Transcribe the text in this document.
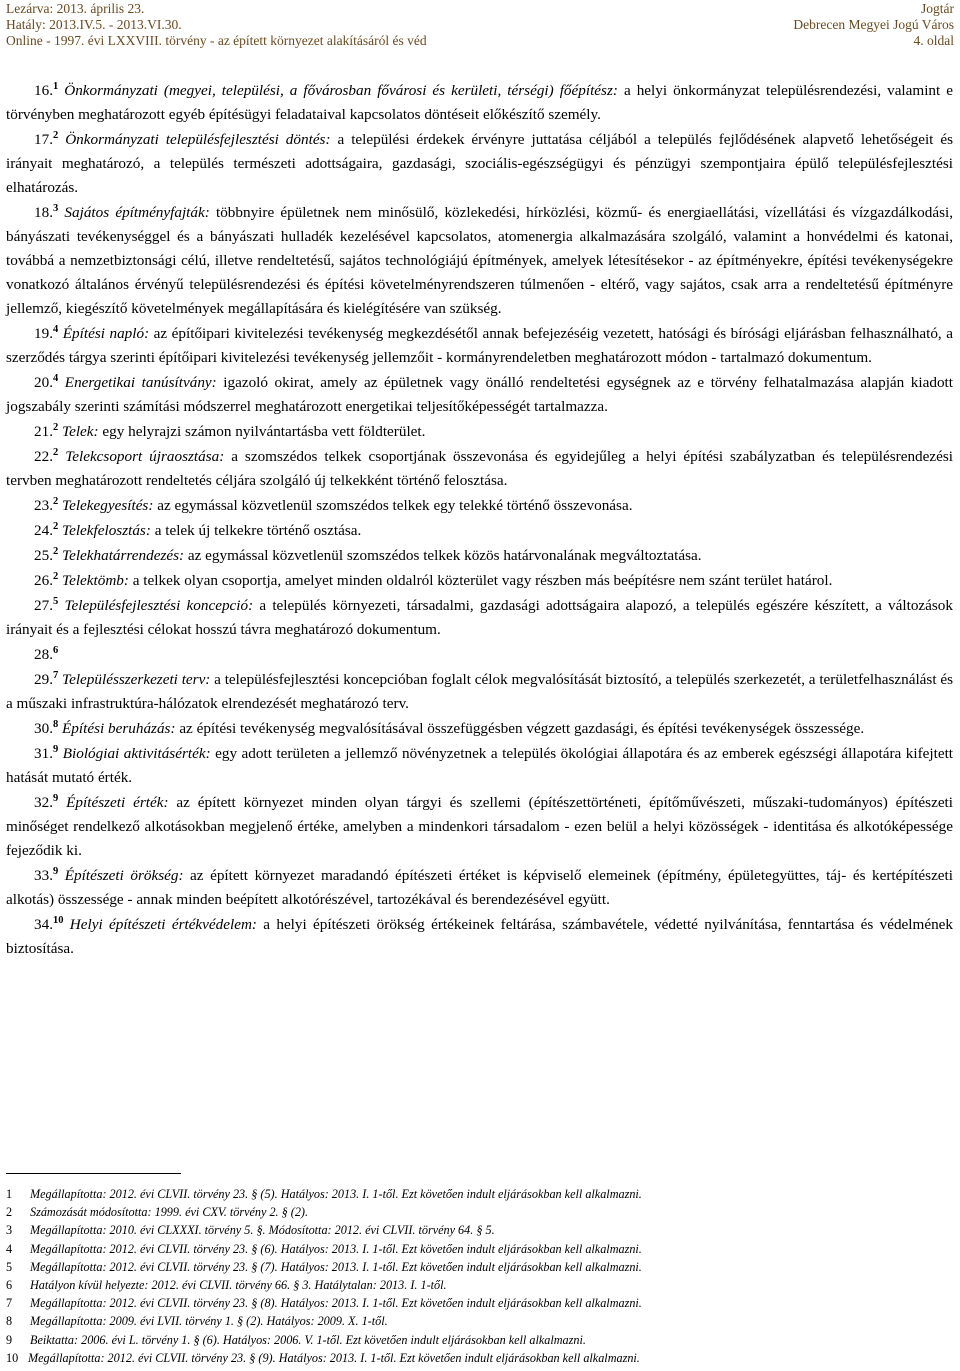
Lezárva: 2013. április 23.
Hatály: 2013.IV.5. - 2013.VI.30.
Online - 1997. évi LXXVIII. törvény - az épített környezet alakításáról és véd
Jogtár
Debrecen Megyei Jogú Város
4. oldal

16.$^1$ Önkormányzati (megyei, települési, a fővárosban fővárosi és kerületi, térségi) főépítész: a helyi önkormányzat településrendezési, valamint e törvényben meghatározott egyéb építésügyi feladataival kapcsolatos döntéseit előkészítő személy.

17.$^2$ Önkormányzati településfejlesztési döntés: a települési érdekek érvényre juttatása céljából a település fejlődésének alapvető lehetőségeit és irányait meghatározó, a település természeti adottságaira, gazdasági, szociális-egészségügyi és pénzügyi szempontjaira épülő településfejlesztési elhatározás.

18.$^3$ Sajátos építményfajták: többnyire épületnek nem minősülő, közlekedési, hírközlési, közmű- és energiaellátási, vízellátási és vízgazdálkodási, bányászati tevékenységgel és a bányászati hulladék kezelésével kapcsolatos, atomenergia alkalmazására szolgáló, valamint a honvédelmi és katonai, továbbá a nemzetbiztonsági célú, illetve rendeltetésű, sajátos technológiájú építmények, amelyek létesítésekor - az építményekre, építési tevékenységekre vonatkozó általános érvényű településrendezési és építési követelményrendszeren túlmenően - eltérő, vagy sajátos, csak arra a rendeltetésű építményre jellemző, kiegészítő követelmények megállapítására és kielégítésére van szükség.

19.$^4$ Építési napló: az építőipari kivitelezési tevékenység megkezdésétől annak befejezéséig vezetett, hatósági és bírósági eljárásban felhasználható, a szerződés tárgya szerinti építőipari kivitelezési tevékenység jellemzőit - kormányrendeletben meghatározott módon - tartalmazó dokumentum.

20.$^4$ Energetikai tanúsítvány: igazoló okirat, amely az épületnek vagy önálló rendeltetési egységnek az e törvény felhatalmazása alapján kiadott jogszabály szerinti számítási módszerrel meghatározott energetikai teljesítőképességét tartalmazza.

21.$^2$ Telek: egy helyrajzi számon nyilvántartásba vett földterület.

22.$^2$ Telekcsoport újraosztása: a szomszédos telkek csoportjának összevonása és egyidejűleg a helyi építési szabályzatban és településrendezési tervben meghatározott rendeltetés céljára szolgáló új telkekként történő felosztása.

23.$^2$ Telekegyesítés: az egymással közvetlenül szomszédos telkek egy telekké történő összevonása.

24.$^2$ Telekfelosztás: a telek új telkekre történő osztása.

25.$^2$ Telekhatárrendezés: az egymással közvetlenül szomszédos telkek közös határvonalának megváltoztatása.

26.$^2$ Telektömb: a telkek olyan csoportja, amelyet minden oldalról közterület vagy részben más beépítésre nem szánt terület határol.

27.$^5$ Településfejlesztési koncepció: a település környezeti, társadalmi, gazdasági adottságaira alapozó, a település egészére készített, a változások irányait és a fejlesztési célokat hosszú távra meghatározó dokumentum.

28.$^6$

29.$^7$ Településszerkezeti terv: a településfejlesztési koncepcióban foglalt célok megvalósítását biztosító, a település szerkezetét, a területfelhasználást és a műszaki infrastruktúra-hálózatok elrendezését meghatározó terv.

30.$^8$ Építési beruházás: az építési tevékenység megvalósításával összefüggésben végzett gazdasági, és építési tevékenységek összessége.

31.$^9$ Biológiai aktivitásérték: egy adott területen a jellemző növényzetnek a település ökológiai állapotára és az emberek egészségi állapotára kifejtett hatását mutató érték.

32.$^9$ Építészeti érték: az épített környezet minden olyan tárgyi és szellemi (építészettörténeti, építőművészeti, műszaki-tudományos) építészeti minőséget rendelkező alkotásokban megjelenő értéke, amelyben a mindenkori társadalom - ezen belül a helyi közösségek - identitása és alkotóképessége fejeződik ki.

33.$^9$ Építészeti örökség: az épített környezet maradandó építészeti értéket is képviselő elemeinek (építmény, épületegyüttes, táj- és kertépítészeti alkotás) összessége - annak minden beépített alkotórészével, tartozékával és berendezésével együtt.

34.10 Helyi építészeti értékvédelem: a helyi építészeti örökség értékeinek feltárása, számbavétele, védetté nyilvánítása, fenntartása és védelmének biztosítása.

1 Megállapította: 2012. évi CLVII. törvény 23. § (5). Hatályos: 2013. I. 1-től. Ezt követően indult eljárásokban kell alkalmazni.
2 Számozását módosította: 1999. évi CXV. törvény 2. § (2).
3 Megállapította: 2010. évi CLXXXI. törvény 5. §. Módosította: 2012. évi CLVII. törvény 64. § 5.
4 Megállapította: 2012. évi CLVII. törvény 23. § (6). Hatályos: 2013. I. 1-től. Ezt követően indult eljárásokban kell alkalmazni.
5 Megállapította: 2012. évi CLVII. törvény 23. § (7). Hatályos: 2013. I. 1-től. Ezt követően indult eljárásokban kell alkalmazni.
6 Hatályon kívül helyezte: 2012. évi CLVII. törvény 66. § 3. Hatálytalan: 2013. I. 1-től.
7 Megállapította: 2012. évi CLVII. törvény 23. § (8). Hatályos: 2013. I. 1-től. Ezt követően indult eljárásokban kell alkalmazni.
8 Megállapította: 2009. évi LVII. törvény 1. § (2). Hatályos: 2009. X. 1-től.
9 Beiktatta: 2006. évi L. törvény 1. § (6). Hatályos: 2006. V. 1-től. Ezt követően indult eljárásokban kell alkalmazni.
10 Megállapította: 2012. évi CLVII. törvény 23. § (9). Hatályos: 2013. I. 1-től. Ezt követően indult eljárásokban kell alkalmazni.
